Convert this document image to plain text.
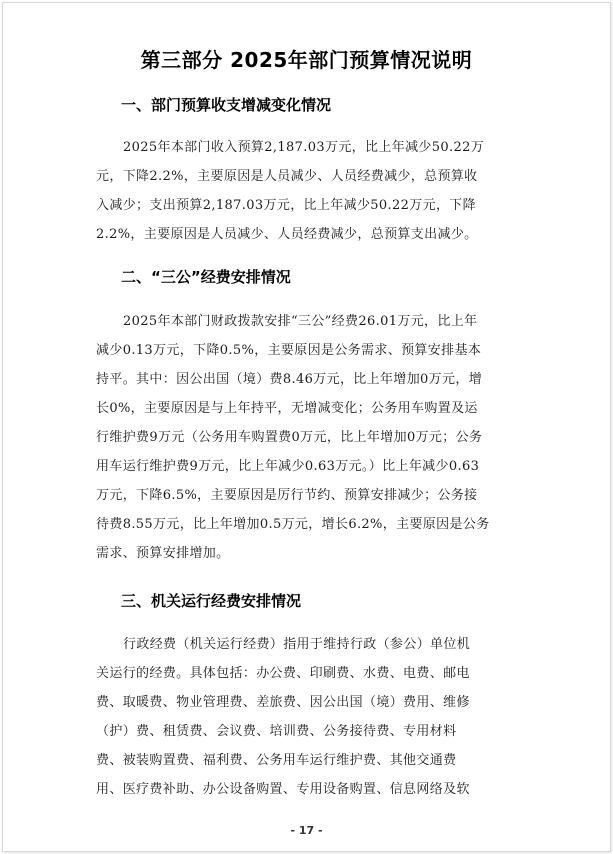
第三部分 2025年部门预算情况说明
一、部门预算收支增减变化情况
2025年本部门收入预算2,187.03万元，比上年减少50.22万
元，下降2.2%，主要原因是人员减少、人员经费减少，总预算收
入减少；支出预算2,187.03万元，比上年减少50.22万元，下降
2.2%，主要原因是人员减少、人员经费减少，总预算支出减少。
二、“三公”经费安排情况
2025年本部门财政拨款安排“三公”经费26.01万元，比上年
减少0.13万元，下降0.5%，主要原因是公务需求、预算安排基本
持平。其中：因公出国（境）费8.46万元，比上年增加0万元，增
长0%，主要原因是与上年持平，无增减变化；公务用车购置及运
行维护费9万元（公务用车购置费0万元，比上年增加0万元；公务
用车运行维护费9万元，比上年减少0.63万元。）比上年减少0.63
万元，下降6.5%，主要原因是厉行节约、预算安排减少；公务接
待费8.55万元，比上年增加0.5万元，增长6.2%，主要原因是公务
需求、预算安排增加。
三、机关运行经费安排情况
行政经费（机关运行经费）指用于维持行政（参公）单位机
关运行的经费。具体包括：办公费、印刷费、水费、电费、邮电
费、取暖费、物业管理费、差旅费、因公出国（境）费用、维修
（护）费、租赁费、会议费、培训费、公务接待费、专用材料
费、被装购置费、福利费、公务用车运行维护费、其他交通费
用、医疗费补助、办公设备购置、专用设备购置、信息网络及软
- 17 -
